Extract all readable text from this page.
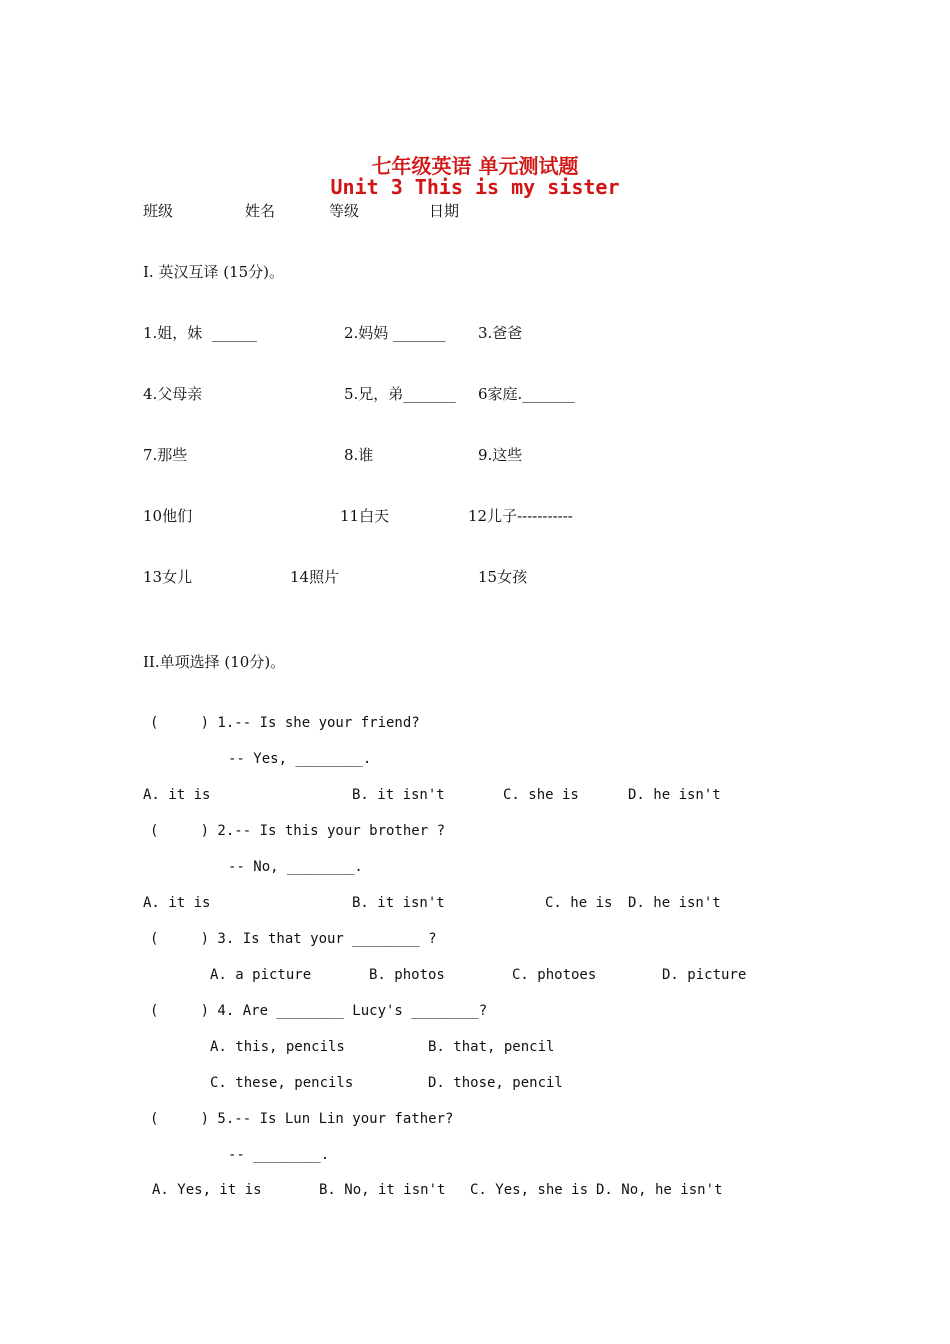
七年级英语 单元测试题
Unit 3 This is my sister
班级	姓名	等级	日期
I. 英汉互译 (15分)。
1.姐，妹  ______	2.妈妈 _______ 3.爸爸
4.父母亲	5.兄，弟_______ 6家庭._______
7.那些	8.谁	9.这些
10他们	11白天	12儿子-----------
13女儿	14照片	15女孩
II.单项选择 (10分)。
(     ) 1.-- Is she your friend?
-- Yes, ________.
A. it is	B. it isn't	C. she is	D. he isn't
(     ) 2.-- Is this your brother ?
-- No, ________.
A. it is	B. it isn't	C. he is D. he isn't
(     ) 3. Is that your ________ ?
A. a picture	B. photos	C. photoes	D. picture
(     ) 4. Are ________ Lucy's ________?
A. this, pencils	B. that, pencil
C. these, pencils	D. those, pencil
(     ) 5.-- Is Lun Lin your father?
-- ________.
A. Yes, it is	B. No, it isn't C. Yes, she is D. No, he isn't
